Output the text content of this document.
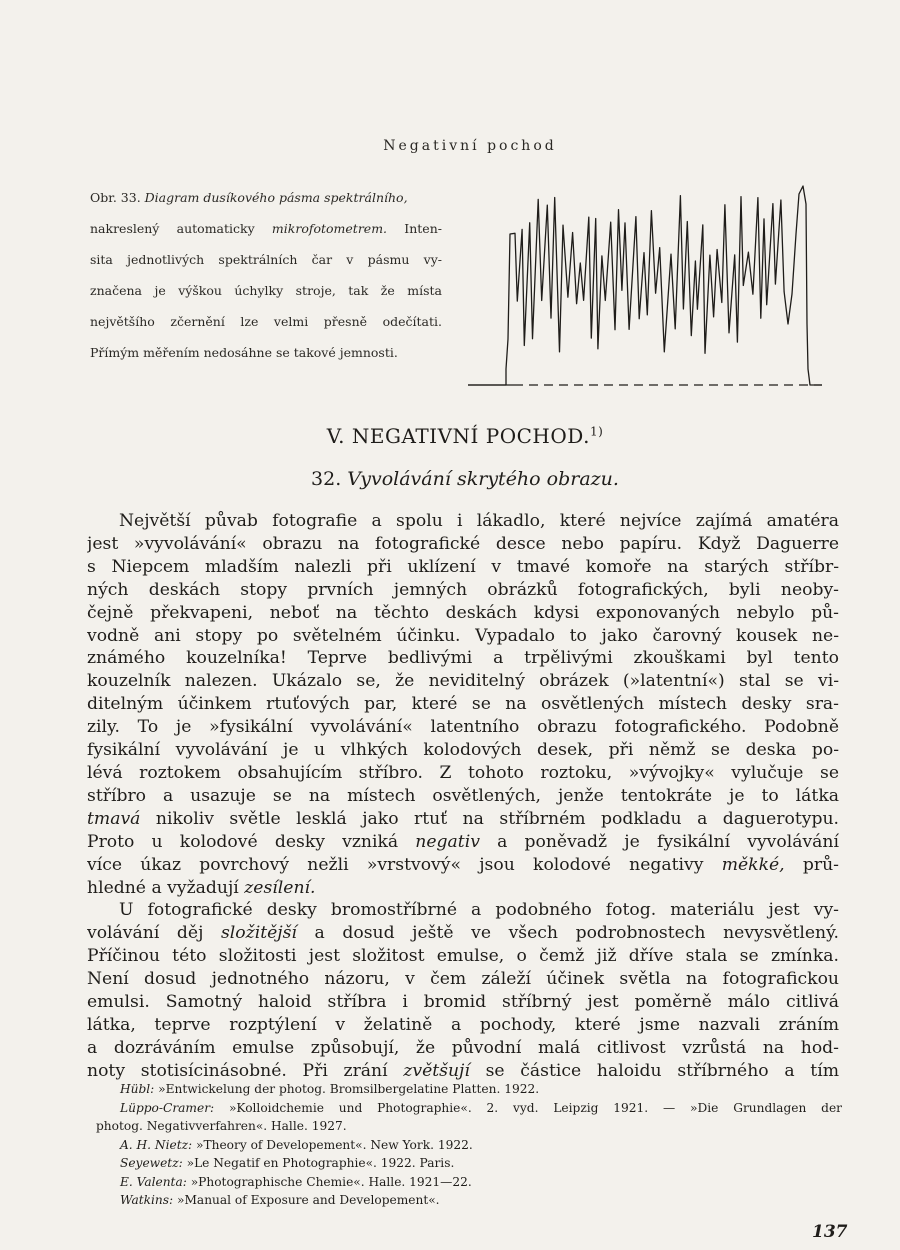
Negativní pochod
Obr. 33. Diagram dusíkového pásma spektrálního,
nakreslený automaticky mikrofotometrem. Inten-
sita jednotlivých spektrálních čar v pásmu vy-
značena je výškou úchylky stroje, tak že místa
největšího zčernění lze velmi přesně odečítati.
Přímým měřením nedosáhne se takové jemnosti.
V. NEGATIVNÍ POCHOD.$^{1)}$
32. Vyvolávání skrytého obrazu.
Největší půvab fotografie a spolu i lákadlo, které nejvíce zajímá amatéra
jest »vyvolávání« obrazu na fotografické desce nebo papíru. Když Daguerre
s Niepcem mladším nalezli při uklízení v tmavé komoře na starých stříbr-
ných deskách stopy prvních jemných obrázků fotografických, byli neoby-
čejně překvapeni, neboť na těchto deskách kdysi exponovaných nebylo pů-
vodně ani stopy po světelném účinku. Vypadalo to jako čarovný kousek ne-
známého kouzelníka! Teprve bedlivými a trpělivými zkouškami byl tento
kouzelník nalezen. Ukázalo se, že neviditelný obrázek (»latentní«) stal se vi-
ditelným účinkem rtuťových par, které se na osvětlených místech desky sra-
zily. To je »fysikální vyvolávání« latentního obrazu fotografického. Podobně
fysikální vyvolávání je u vlhkých kolodových desek, při němž se deska po-
lévá roztokem obsahujícím stříbro. Z tohoto roztoku, »vývojky« vylučuje se
stříbro a usazuje se na místech osvětlených, jenže tentokráte je to látka
tmavá nikoliv světle lesklá jako rtuť na stříbrném podkladu a daguerotypu.
Proto u kolodové desky vzniká negativ a poněvadž je fysikální vyvolávání
více úkaz povrchový nežli »vrstvový« jsou kolodové negativy měkké, prů-
hledné a vyžadují zesílení.
U fotografické desky bromostříbrné a podobného fotog. materiálu jest vy-
volávání děj složitější a dosud ještě ve všech podrobnostech nevysvětlený.
Příčinou této složitosti jest složitost emulse, o čemž již dříve stala se zmínka.
Není dosud jednotného názoru, v čem záleží účinek světla na fotografickou
emulsi. Samotný haloid stříbra i bromid stříbrný jest poměrně málo citlivá
látka, teprve rozptýlení v želatině a pochody, které jsme nazvali zráním
a dozráváním emulse způsobují, že původní malá citlivost vzrůstá na hod-
noty stotisícinásobné. Při zrání zvětšují se částice haloidu stříbrného a tím
Hübl: »Entwickelung der photog. Bromsilbergelatine Platten. 1922.
Lüppo-Cramer: »Kolloidchemie und Photographie«. 2. vyd. Leipzig 1921. — »Die Grundlagen der
photog. Negativverfahren«. Halle. 1927.
A. H. Nietz: »Theory of Developement«. New York. 1922.
Seyewetz: »Le Negatif en Photographie«. 1922. Paris.
E. Valenta: »Photographische Chemie«. Halle. 1921—22.
Watkins: »Manual of Exposure and Developement«.
137
